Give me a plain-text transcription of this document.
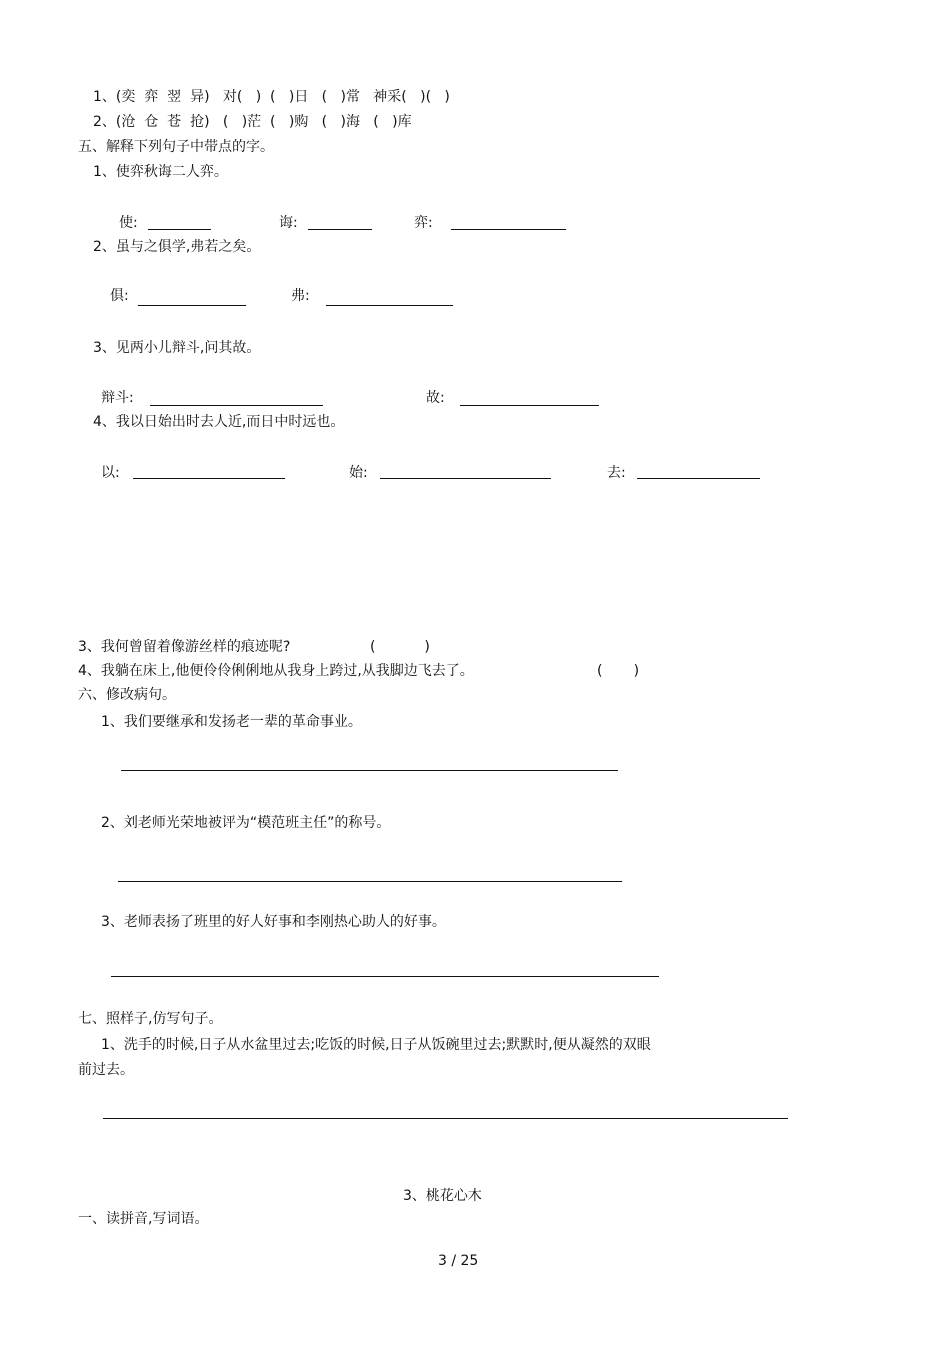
1、(奕  弈  翌  异)   对(   )  (   )日   (   )常   神采(   )(   )
2、(沧  仓  苍  抢)   (   )茫  (   )购   (   )海   (   )库
五、解释下列句子中带点的字。
1、使弈秋诲二人弈。
使:	诲:	弈:
2、虽与之俱学,弗若之矣。
俱:	弗:
3、见两小儿辩斗,问其故。
辩斗:	故:
4、我以日始出时去人近,而日中时远也。
以:	始:	去:
3、我何曾留着像游丝样的痕迹呢?	(           )
4、我躺在床上,他便伶伶俐俐地从我身上跨过,从我脚边飞去了。	(       )
六、修改病句。
1、我们要继承和发扬老一辈的革命事业。
2、刘老师光荣地被评为“模范班主任”的称号。
3、老师表扬了班里的好人好事和李刚热心助人的好事。
七、照样子,仿写句子。
1、洗手的时候,日子从水盆里过去;吃饭的时候,日子从饭碗里过去;默默时,便从凝然的双眼
前过去。
3、桃花心木
一、读拼音,写词语。
3 / 25
